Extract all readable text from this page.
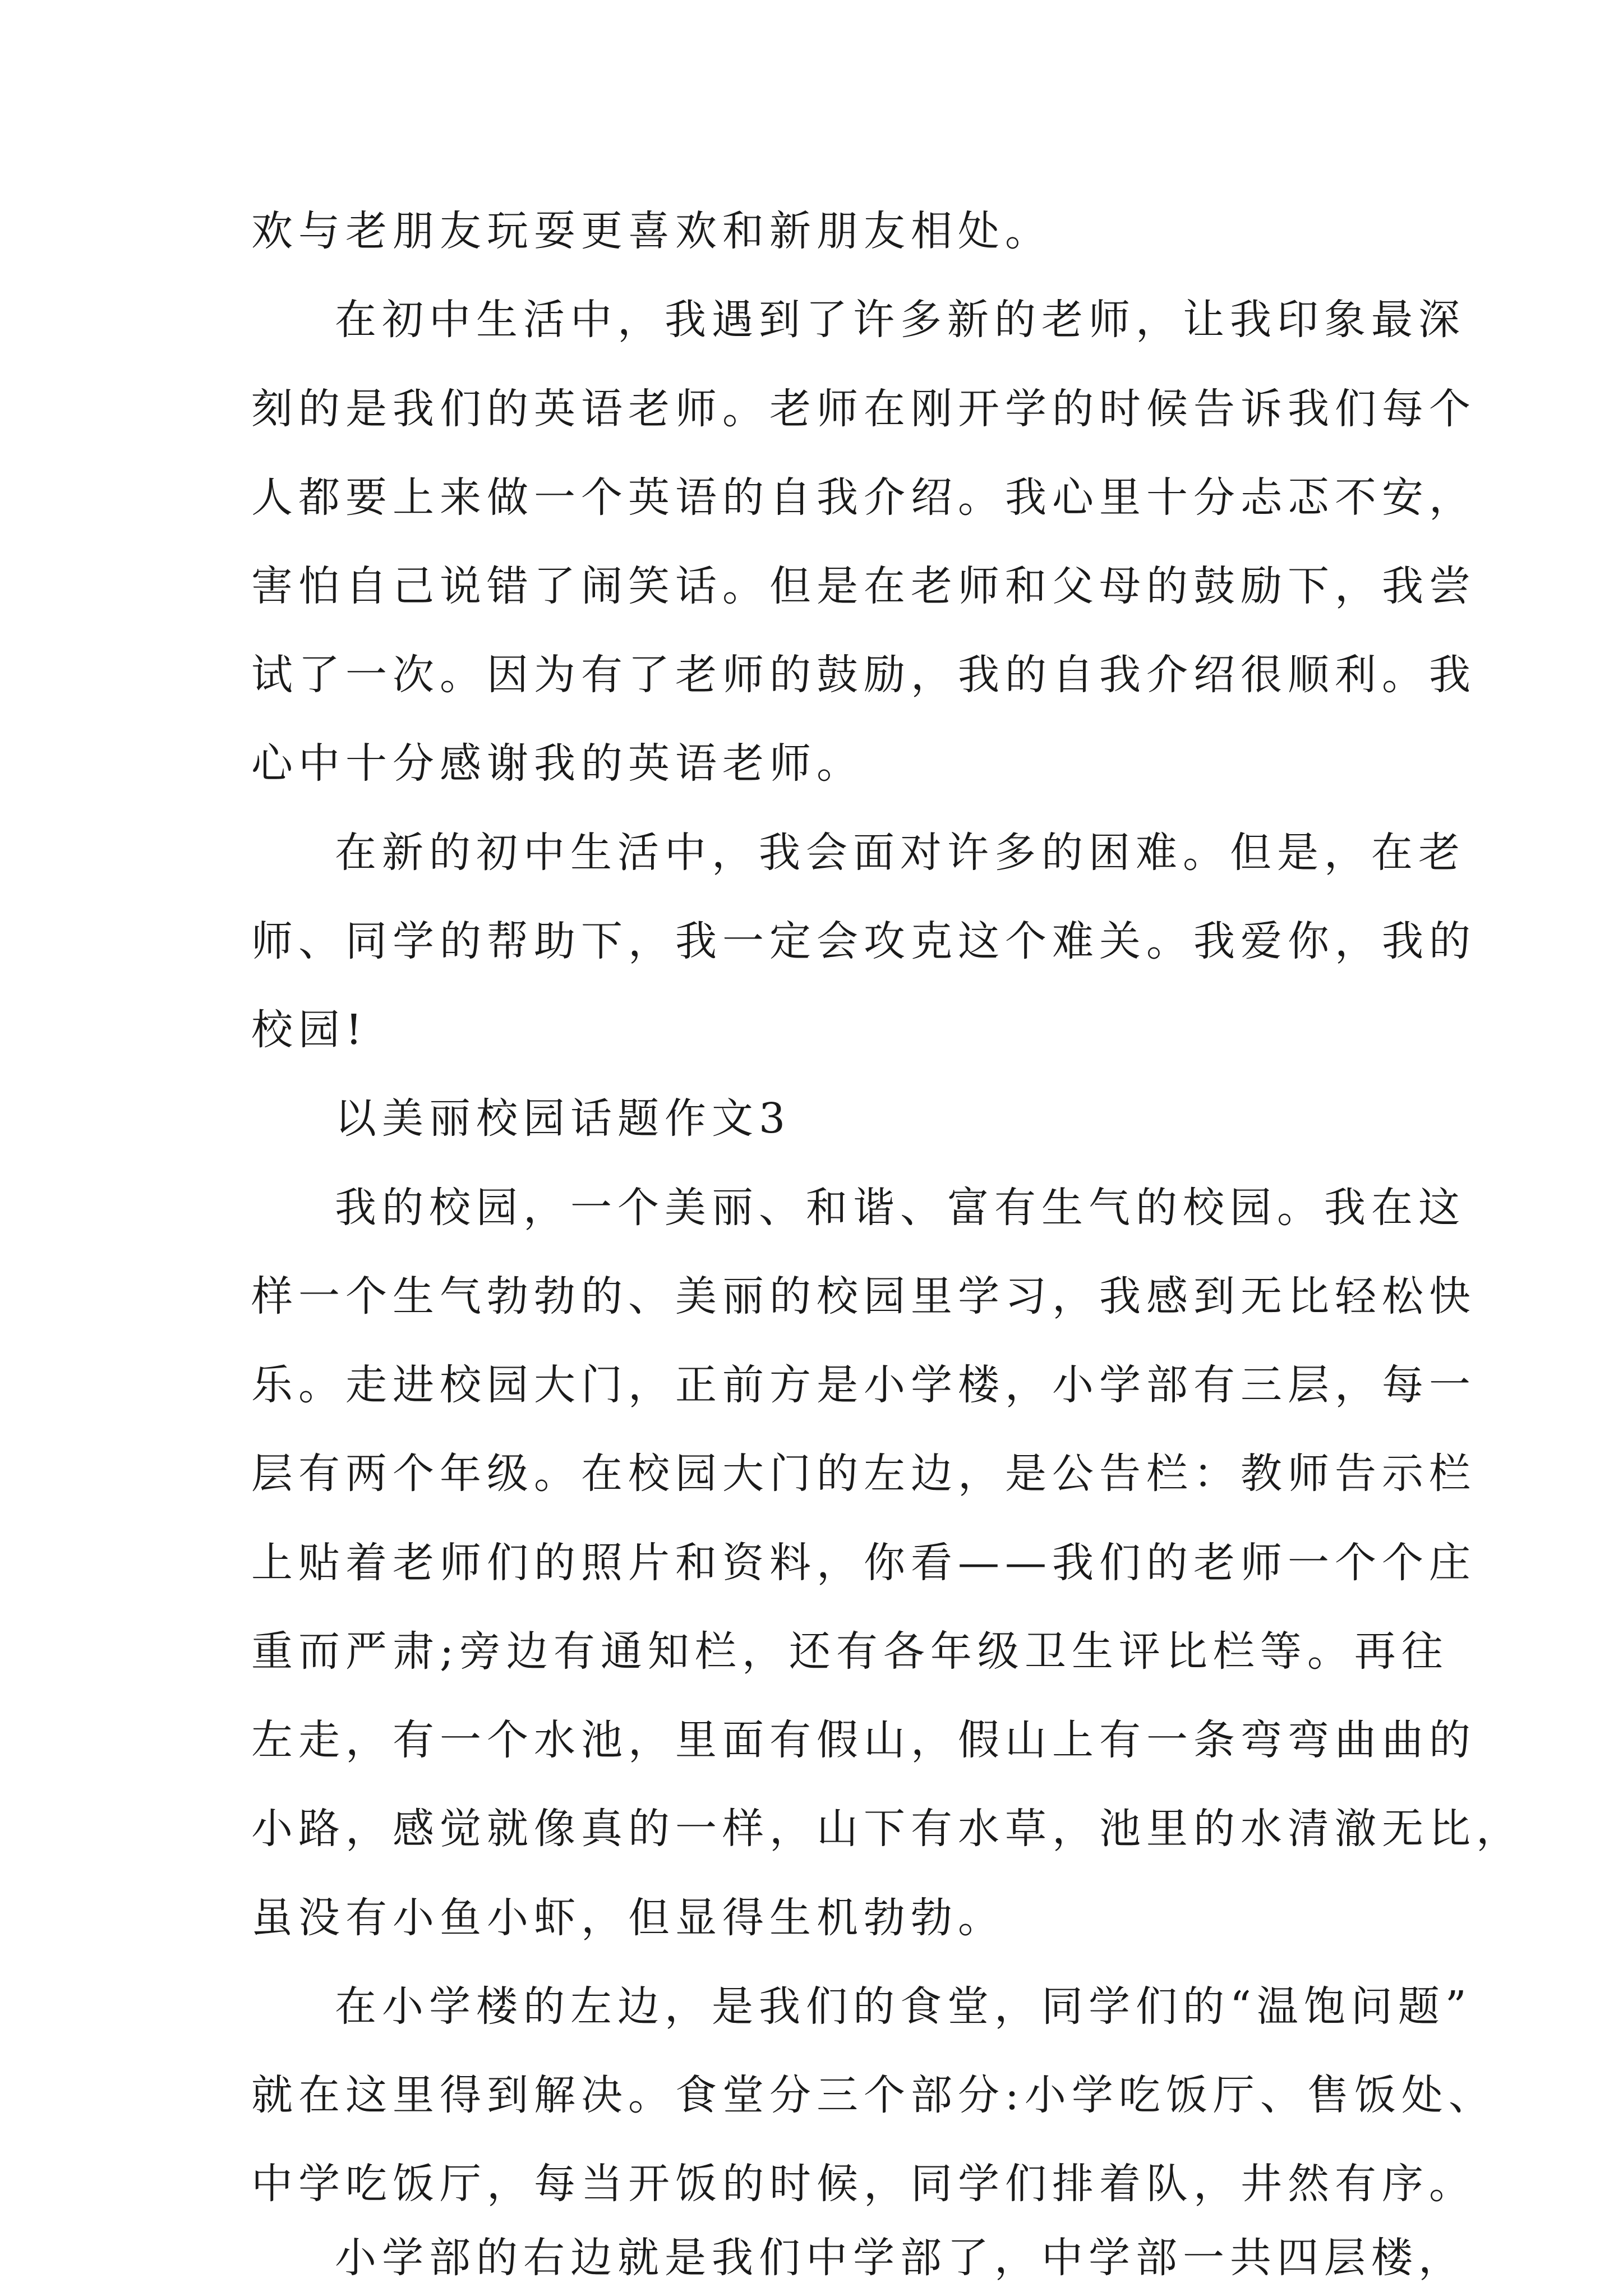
欢与老朋友玩耍更喜欢和新朋友相处。
在初中生活中，我遇到了许多新的老师，让我印象最深
刻的是我们的英语老师。老师在刚开学的时候告诉我们每个
人都要上来做一个英语的自我介绍。我心里十分忐忑不安，
害怕自己说错了闹笑话。但是在老师和父母的鼓励下，我尝
试了一次。因为有了老师的鼓励，我的自我介绍很顺利。我
心中十分感谢我的英语老师。
在新的初中生活中，我会面对许多的困难。但是，在老
师、同学的帮助下，我一定会攻克这个难关。我爱你，我的
校园!
以美丽校园话题作文3
我的校园，一个美丽、和谐、富有生气的校园。我在这
样一个生气勃勃的、美丽的校园里学习，我感到无比轻松快
乐。走进校园大门，正前方是小学楼，小学部有三层，每一
层有两个年级。在校园大门的左边，是公告栏：教师告示栏
上贴着老师们的照片和资料，你看——我们的老师一个个庄
重而严肃;旁边有通知栏，还有各年级卫生评比栏等。再往
左走，有一个水池，里面有假山，假山上有一条弯弯曲曲的
小路，感觉就像真的一样，山下有水草，池里的水清澈无比，
虽没有小鱼小虾，但显得生机勃勃。
在小学楼的左边，是我们的食堂，同学们的“温饱问题”
就在这里得到解决。食堂分三个部分:小学吃饭厅、售饭处、
中学吃饭厅，每当开饭的时候，同学们排着队，井然有序。
小学部的右边就是我们中学部了，中学部一共四层楼，
